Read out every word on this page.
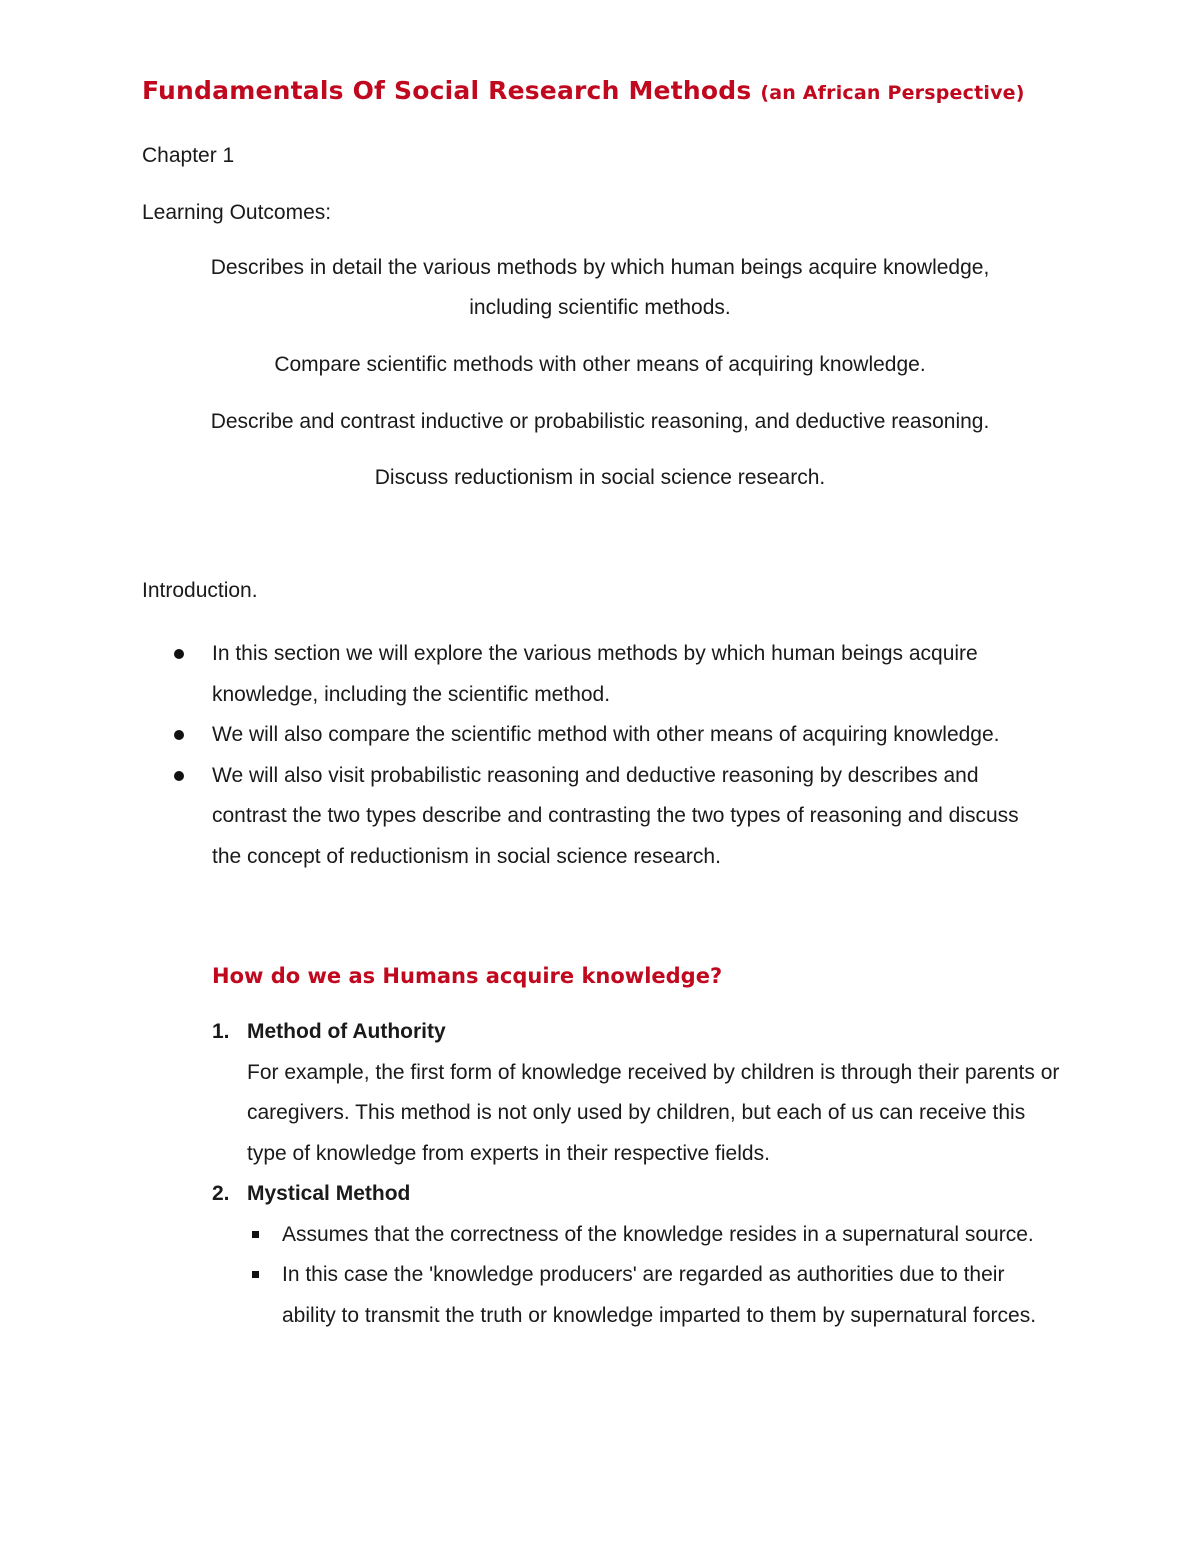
Fundamentals Of Social Research Methods (an African Perspective)
Chapter 1
Learning Outcomes:
Describes in detail the various methods by which human beings acquire knowledge,
including scientific methods.
Compare scientific methods with other means of acquiring knowledge.
Describe and contrast inductive or probabilistic reasoning, and deductive reasoning.
Discuss reductionism in social science research.
Introduction.
In this section we will explore the various methods by which human beings acquire knowledge, including the scientific method.
We will also compare the scientific method with other means of acquiring knowledge.
We will also visit probabilistic reasoning and deductive reasoning by describes and contrast the two types describe and contrasting the two types of reasoning and discuss the concept of reductionism in social science research.
How do we as Humans acquire knowledge?
1. Method of Authority
For example, the first form of knowledge received by children is through their parents or caregivers. This method is not only used by children, but each of us can receive this type of knowledge from experts in their respective fields.
2. Mystical Method
Assumes that the correctness of the knowledge resides in a supernatural source.
In this case the 'knowledge producers' are regarded as authorities due to their ability to transmit the truth or knowledge imparted to them by supernatural forces.
